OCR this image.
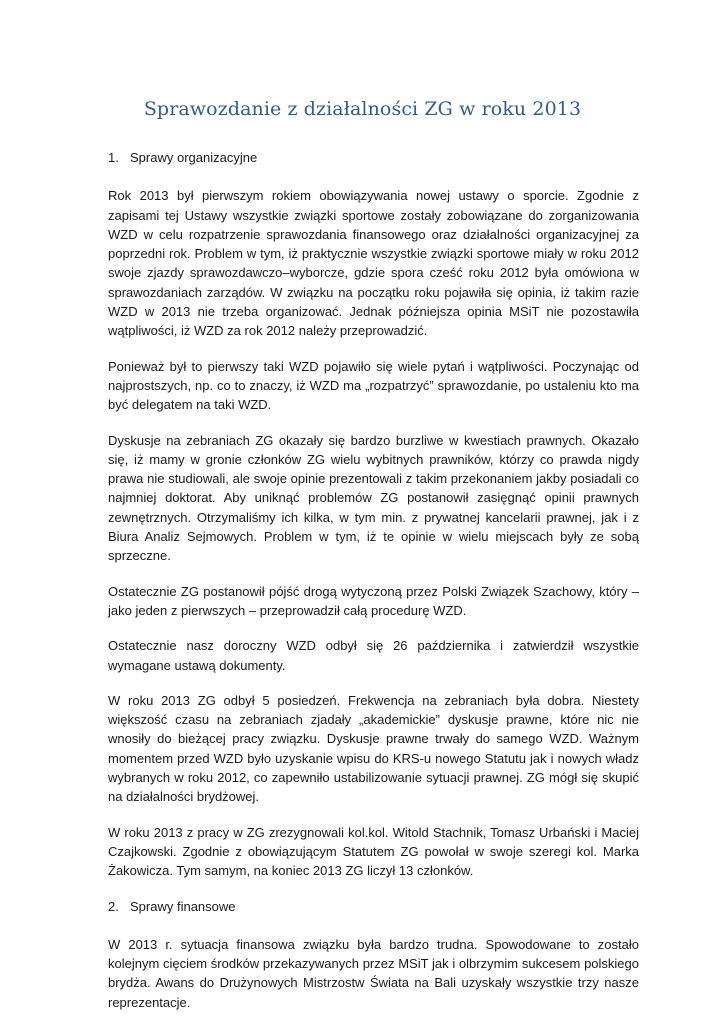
Sprawozdanie z działalności ZG w roku 2013
1. Sprawy organizacyjne

Rok 2013 był pierwszym rokiem obowiązywania nowej ustawy o sporcie. Zgodnie z zapisami tej Ustawy wszystkie związki sportowe zostały zobowiązane do zorganizowania WZD w celu rozpatrzenie sprawozdania finansowego oraz działalności organizacyjnej za poprzedni rok. Problem w tym, iż praktycznie wszystkie związki sportowe miały w roku 2012 swoje zjazdy sprawozdawczo–wyborcze, gdzie spora cześć roku 2012 była omówiona w sprawozdaniach zarządów. W związku na początku roku pojawiła się opinia, iż takim razie WZD w 2013 nie trzeba organizować. Jednak późniejsza opinia MSiT nie pozostawiła wątpliwości, iż WZD za rok 2012 należy przeprowadzić.

Ponieważ był to pierwszy taki WZD pojawiło się wiele pytań i wątpliwości. Poczynając od najprostszych, np. co to znaczy, iż WZD ma „rozpatrzyć” sprawozdanie, po ustaleniu kto ma być delegatem na taki WZD.

Dyskusje na zebraniach ZG okazały się bardzo burzliwe w kwestiach prawnych. Okazało się, iż mamy w gronie członków ZG wielu wybitnych prawników, którzy co prawda nigdy prawa nie studiowali, ale swoje opinie prezentowali z takim przekonaniem jakby posiadali co najmniej doktorat. Aby uniknąć problemów ZG postanowił zasięgnąć opinii prawnych zewnętrznych. Otrzymaliśmy ich kilka, w tym min. z prywatnej kancelarii prawnej, jak i z Biura Analiz Sejmowych. Problem w tym, iż te opinie w wielu miejscach były ze sobą sprzeczne.

Ostatecznie ZG postanowił pójść drogą wytyczoną przez Polski Związek Szachowy, który – jako jeden z pierwszych – przeprowadził całą procedurę WZD.

Ostatecznie nasz doroczny WZD odbył się 26 października i zatwierdził wszystkie wymagane ustawą dokumenty.

W roku 2013 ZG odbył 5 posiedzeń. Frekwencja na zebraniach była dobra. Niestety większość czasu na zebraniach zjadały „akademickie” dyskusje prawne, które nic nie wnosiły do bieżącej pracy związku. Dyskusje prawne trwały do samego WZD. Ważnym momentem przed WZD było uzyskanie wpisu do KRS-u nowego Statutu jak i nowych władz wybranych w roku 2012, co zapewniło ustabilizowanie sytuacji prawnej. ZG mógł się skupić na działalności brydżowej.

W roku 2013 z pracy w ZG zrezygnowali kol.kol. Witold Stachnik, Tomasz Urbański i Maciej Czajkowski. Zgodnie z obowiązującym Statutem ZG powołał w swoje szeregi kol. Marka Żakowicza. Tym samym, na koniec 2013 ZG liczył 13 członków.

2. Sprawy finansowe

W 2013 r. sytuacja finansowa związku była bardzo trudna. Spowodowane to zostało kolejnym cięciem środków przekazywanych przez MSiT jak i olbrzymim sukcesem polskiego brydża. Awans do Drużynowych Mistrzostw Świata na Bali uzyskały wszystkie trzy nasze reprezentacje.
